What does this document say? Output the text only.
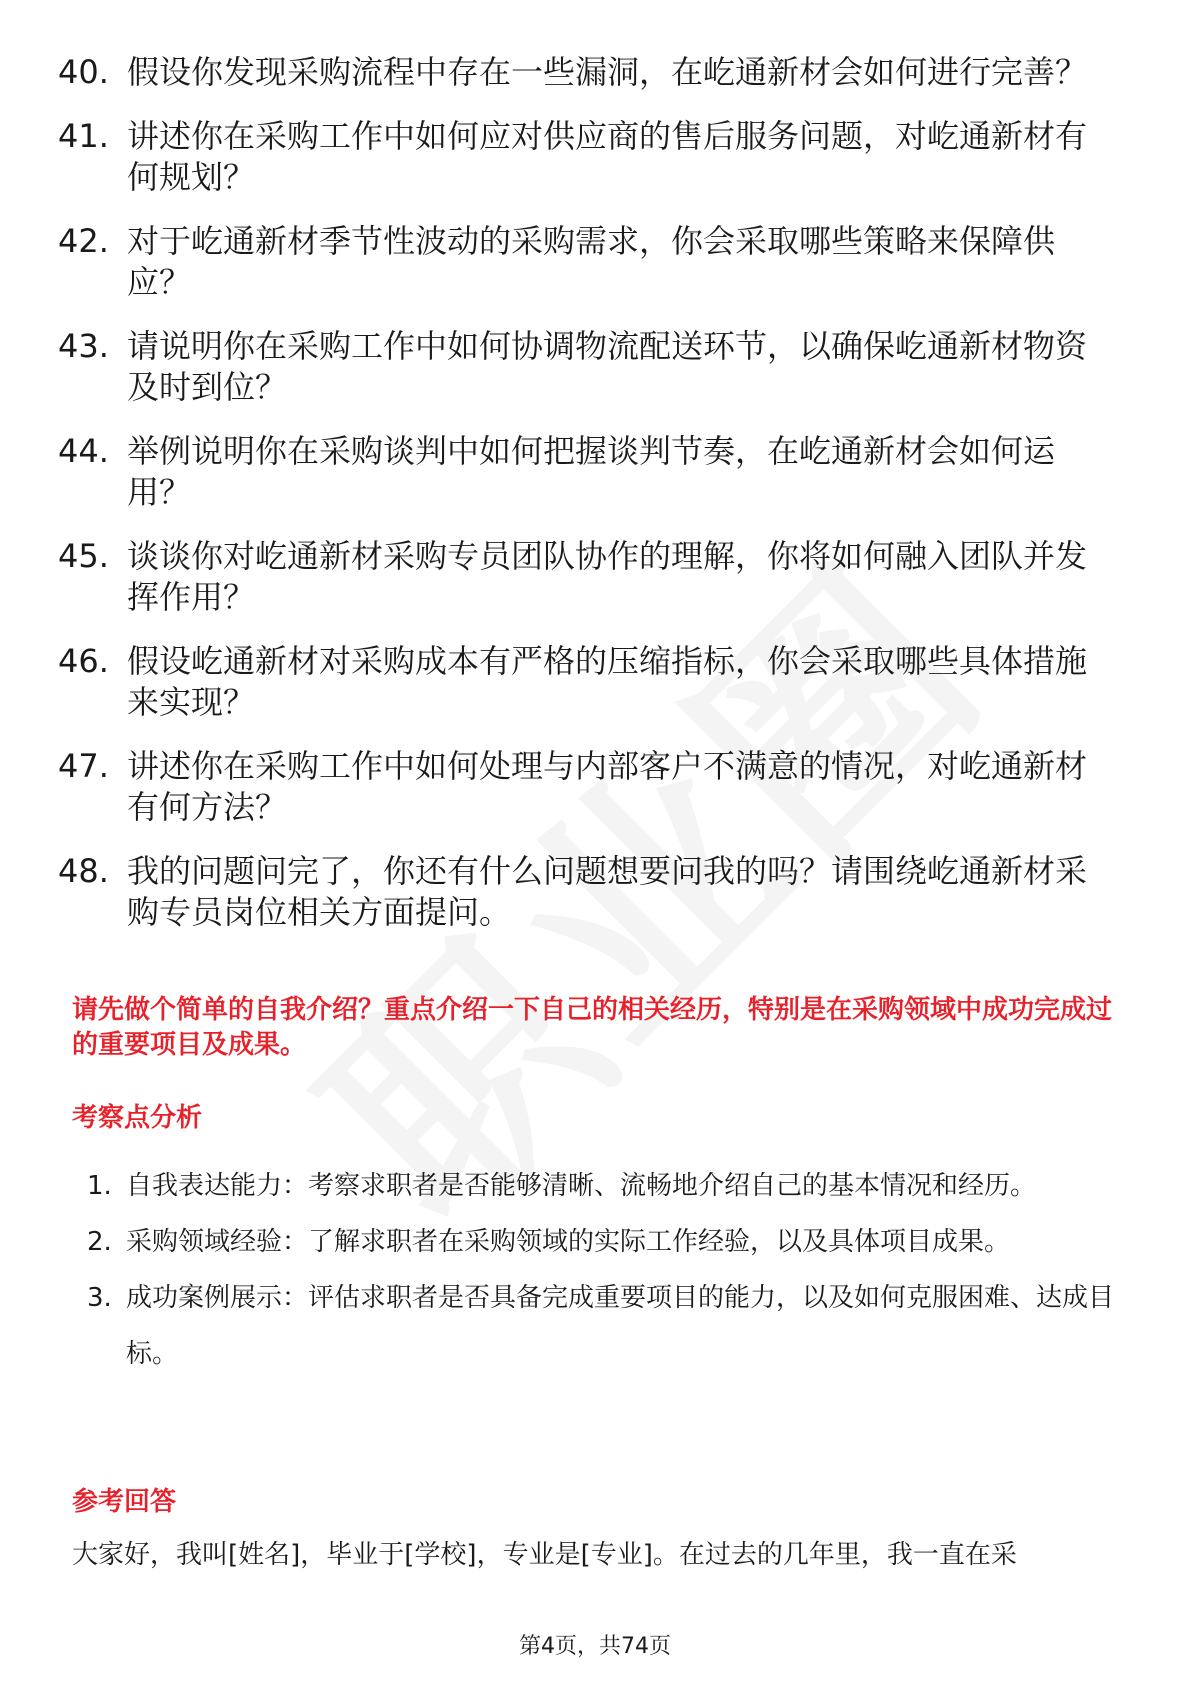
40. 假设你发现采购流程中存在一些漏洞，在屹通新材会如何进行完善？
41. 讲述你在采购工作中如何应对供应商的售后服务问题，对屹通新材有何规划？
42. 对于屹通新材季节性波动的采购需求，你会采取哪些策略来保障供应？
43. 请说明你在采购工作中如何协调物流配送环节，以确保屹通新材物资及时到位？
44. 举例说明你在采购谈判中如何把握谈判节奏，在屹通新材会如何运用？
45. 谈谈你对屹通新材采购专员团队协作的理解，你将如何融入团队并发挥作用？
46. 假设屹通新材对采购成本有严格的压缩指标，你会采取哪些具体措施来实现？
47. 讲述你在采购工作中如何处理与内部客户不满意的情况，对屹通新材有何方法？
48. 我的问题问完了，你还有什么问题想要问我的吗？请围绕屹通新材采购专员岗位相关方面提问。
请先做个简单的自我介绍？重点介绍一下自己的相关经历，特别是在采购领域中成功完成过的重要项目及成果。
考察点分析
1. 自我表达能力：考察求职者是否能够清晰、流畅地介绍自己的基本情况和经历。
2. 采购领域经验：了解求职者在采购领域的实际工作经验，以及具体项目成果。
3. 成功案例展示：评估求职者是否具备完成重要项目的能力，以及如何克服困难、达成目标。
参考回答
大家好，我叫[姓名]，毕业于[学校]，专业是[专业]。在过去的几年里，我一直在采
第4页，共74页
